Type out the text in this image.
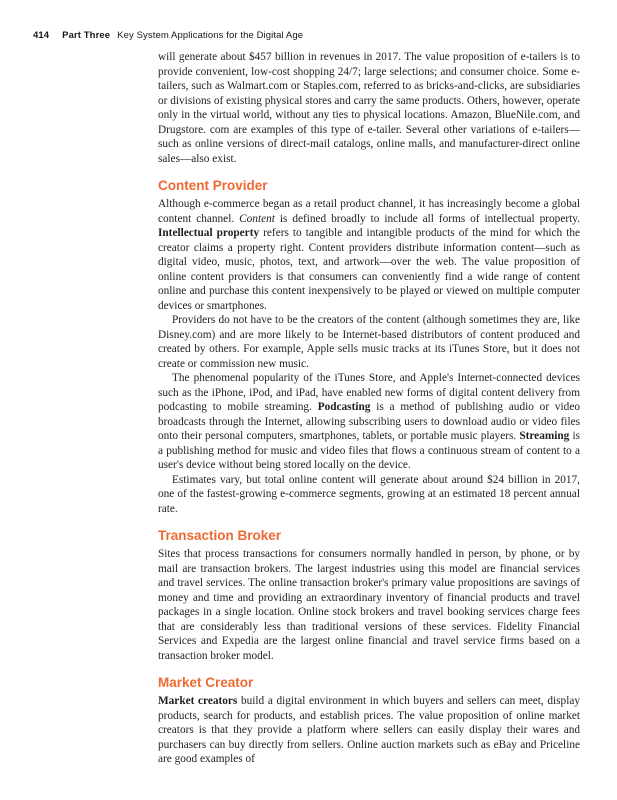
414 Part Three Key System Applications for the Digital Age

will generate about $457 billion in revenues in 2017. The value proposition of e-tailers is to provide convenient, low-cost shopping 24/7; large selections; and consumer choice. Some e-tailers, such as Walmart.com or Staples.com, referred to as bricks-and-clicks, are subsidiaries or divisions of existing physical stores and carry the same products. Others, however, operate only in the virtual world, without any ties to physical locations. Amazon, BlueNile.com, and Drugstore. com are examples of this type of e-tailer. Several other variations of e-tailers—such as online versions of direct-mail catalogs, online malls, and manufacturer-direct online sales—also exist.

Content Provider

Although e-commerce began as a retail product channel, it has increasingly become a global content channel. Content is defined broadly to include all forms of intellectual property. Intellectual property refers to tangible and intangible products of the mind for which the creator claims a property right. Content providers distribute information content—such as digital video, music, photos, text, and artwork—over the web. The value proposition of online content providers is that consumers can conveniently find a wide range of content online and purchase this content inexpensively to be played or viewed on multiple computer devices or smartphones.

Providers do not have to be the creators of the content (although sometimes they are, like Disney.com) and are more likely to be Internet-based distributors of content produced and created by others. For example, Apple sells music tracks at its iTunes Store, but it does not create or commission new music.

The phenomenal popularity of the iTunes Store, and Apple's Internet-connected devices such as the iPhone, iPod, and iPad, have enabled new forms of digital content delivery from podcasting to mobile streaming. Podcasting is a method of publishing audio or video broadcasts through the Internet, allowing subscribing users to download audio or video files onto their personal computers, smartphones, tablets, or portable music players. Streaming is a publishing method for music and video files that flows a continuous stream of content to a user's device without being stored locally on the device.

Estimates vary, but total online content will generate about around $24 billion in 2017, one of the fastest-growing e-commerce segments, growing at an estimated 18 percent annual rate.

Transaction Broker

Sites that process transactions for consumers normally handled in person, by phone, or by mail are transaction brokers. The largest industries using this model are financial services and travel services. The online transaction broker's primary value propositions are savings of money and time and providing an extraordinary inventory of financial products and travel packages in a single location. Online stock brokers and travel booking services charge fees that are considerably less than traditional versions of these services. Fidelity Financial Services and Expedia are the largest online financial and travel service firms based on a transaction broker model.

Market Creator

Market creators build a digital environment in which buyers and sellers can meet, display products, search for products, and establish prices. The value proposition of online market creators is that they provide a platform where sellers can easily display their wares and purchasers can buy directly from sellers. Online auction markets such as eBay and Priceline are good examples of
